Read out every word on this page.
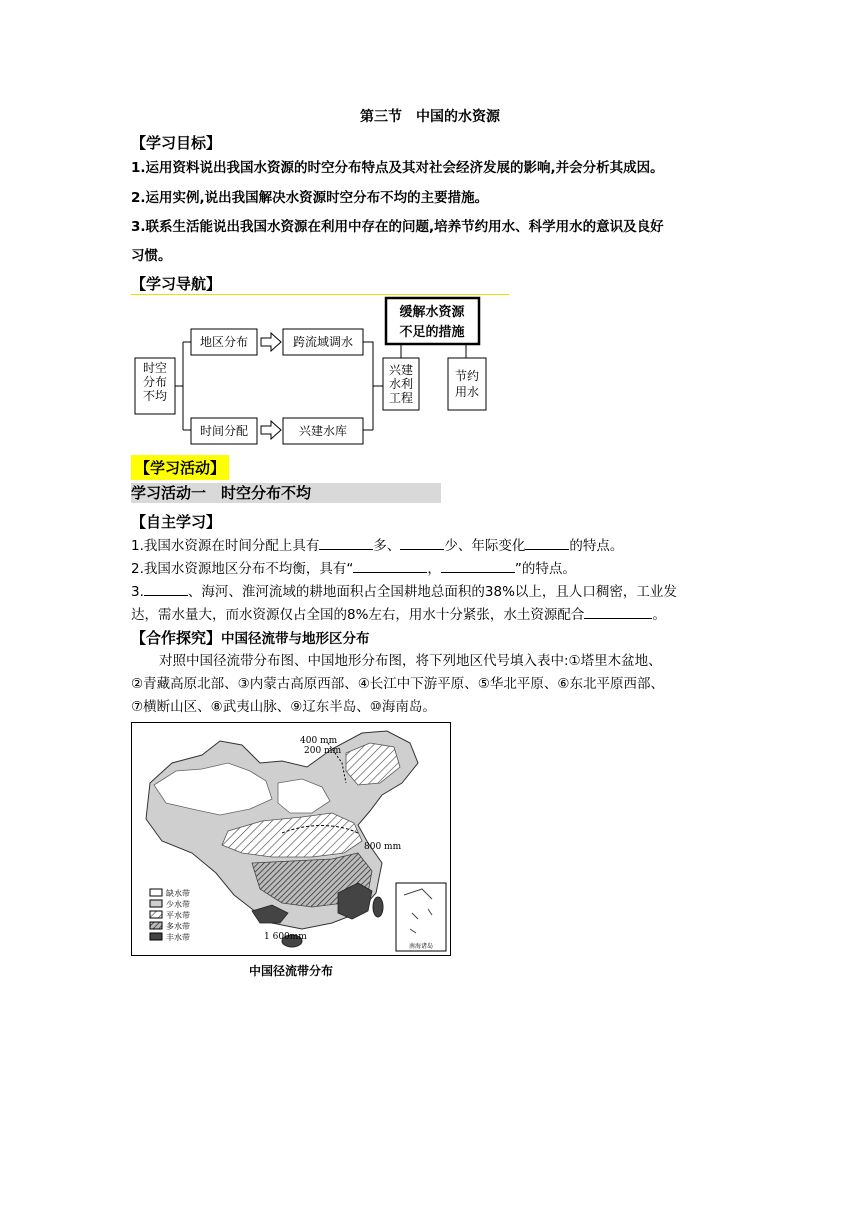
第三节　中国的水资源
【学习目标】
1.运用资料说出我国水资源的时空分布特点及其对社会经济发展的影响,并会分析其成因。
2.运用实例,说出我国解决水资源时空分布不均的主要措施。
3.联系生活能说出我国水资源在利用中存在的问题,培养节约用水、科学用水的意识及良好
习惯。
【学习导航】
时空分布不均
地区分布
时间分配
跨流域调水
兴建水库
兴建水利工程
缓解水资源不足的措施
节约用水
【学习活动】
学习活动一　时空分布不均
【自主学习】
1.我国水资源在时间分配上具有	多、	少、年际变化	的特点。
2.我国水资源地区分布不均衡，具有“	，	”的特点。
3.	、海河、淮河流域的耕地面积占全国耕地总面积的38%以上，且人口稠密，工业发
达，需水量大，而水资源仅占全国的8%左右，用水十分紧张，水土资源配合	。
【合作探究】中国径流带与地形区分布
对照中国径流带分布图、中国地形分布图，将下列地区代号填入表中:①塔里木盆地、
②青藏高原北部、③内蒙古高原西部、④长江中下游平原、⑤华北平原、⑥东北平原西部、
⑦横断山区、⑧武夷山脉、⑨辽东半岛、⑩海南岛。
400 mm
200 mm
800 mm
1 600mm
缺水带
少水带
平水带
多水带
丰水带
南海诸岛
中国径流带分布
